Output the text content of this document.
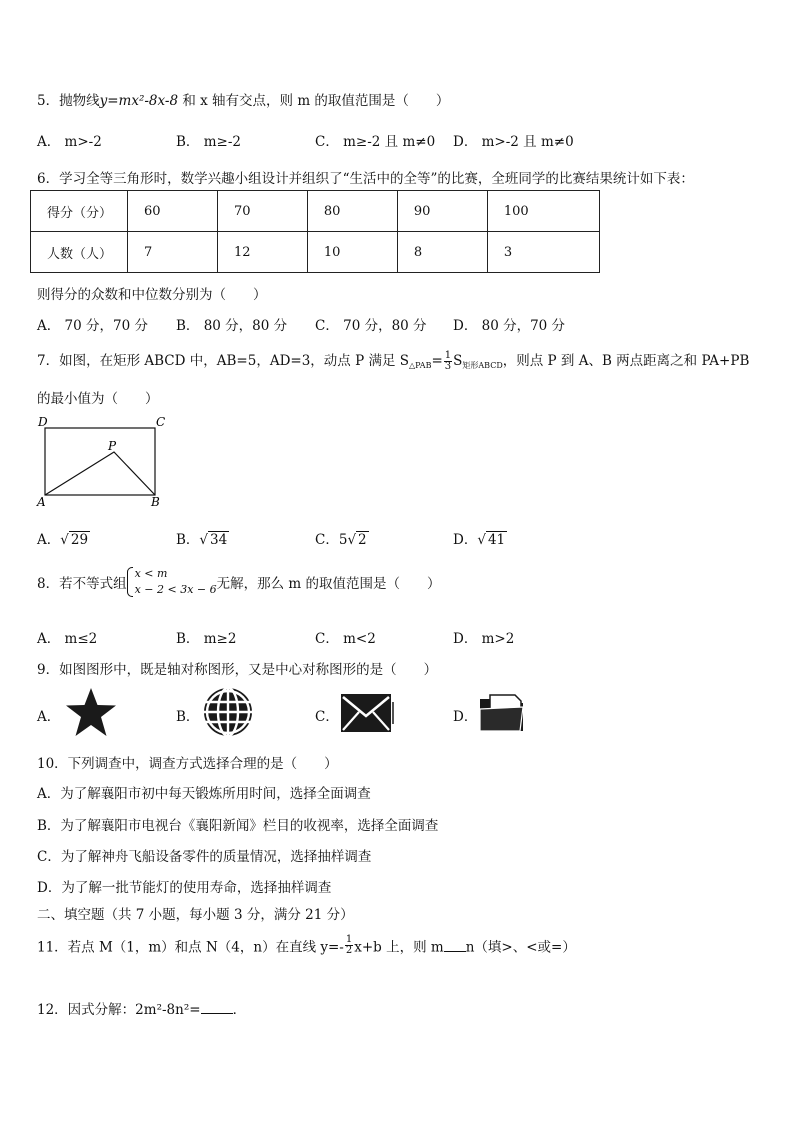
5．抛物线y=mx²-8x-8 和 x 轴有交点，则 m 的取值范围是（　　）
A． m>-2	B． m≥-2	C． m≥-2 且 m≠0 D． m>-2 且 m≠0
6．学习全等三角形时，数学兴趣小组设计并组织了“生活中的全等”的比赛，全班同学的比赛结果统计如下表：
得分（分）	60	70	80	90	100
人数（人）	7	12	10	8	3
则得分的众数和中位数分别为（　　）
A． 70 分，70 分 B． 80 分，80 分 C． 70 分，80 分 D． 80 分，70 分
7．如图，在矩形 ABCD 中，AB=5，AD=3，动点 P 满足 $S_{\triangle PAB}= \frac{1}{3} S_{矩形ABCD}$，则点 P 到 A、B 两点距离之和 PA+PB
的最小值为（　　）
D	C
P
A	B
A．√ 29	B．√ 34	C．5√ 2	D．√ 41
8．若不等式组
x < m
x − 2 < 3x − 6 无解，那么 m 的取值范围是（　　）
A． m≤2	B． m≥2	C． m<2	D． m>2
9．如图图形中，既是轴对称图形，又是中心对称图形的是（　　）
A．	B．	C．	D．
10．下列调查中，调查方式选择合理的是（　　）
A．为了解襄阳市初中每天锻炼所用时间，选择全面调查
B．为了解襄阳市电视台《襄阳新闻》栏目的收视率，选择全面调查
C．为了解神舟飞船设备零件的质量情况，选择抽样调查
D．为了解一批节能灯的使用寿命，选择抽样调查
二、填空题（共 7 小题，每小题 3 分，满分 21 分）
11．若点 M（1，m）和点 N（4，n）在直线 $y=- \frac{1}{2} x+b$ 上，则 m n（填>、<或=）
12．因式分解：2m²-8n²= ．
